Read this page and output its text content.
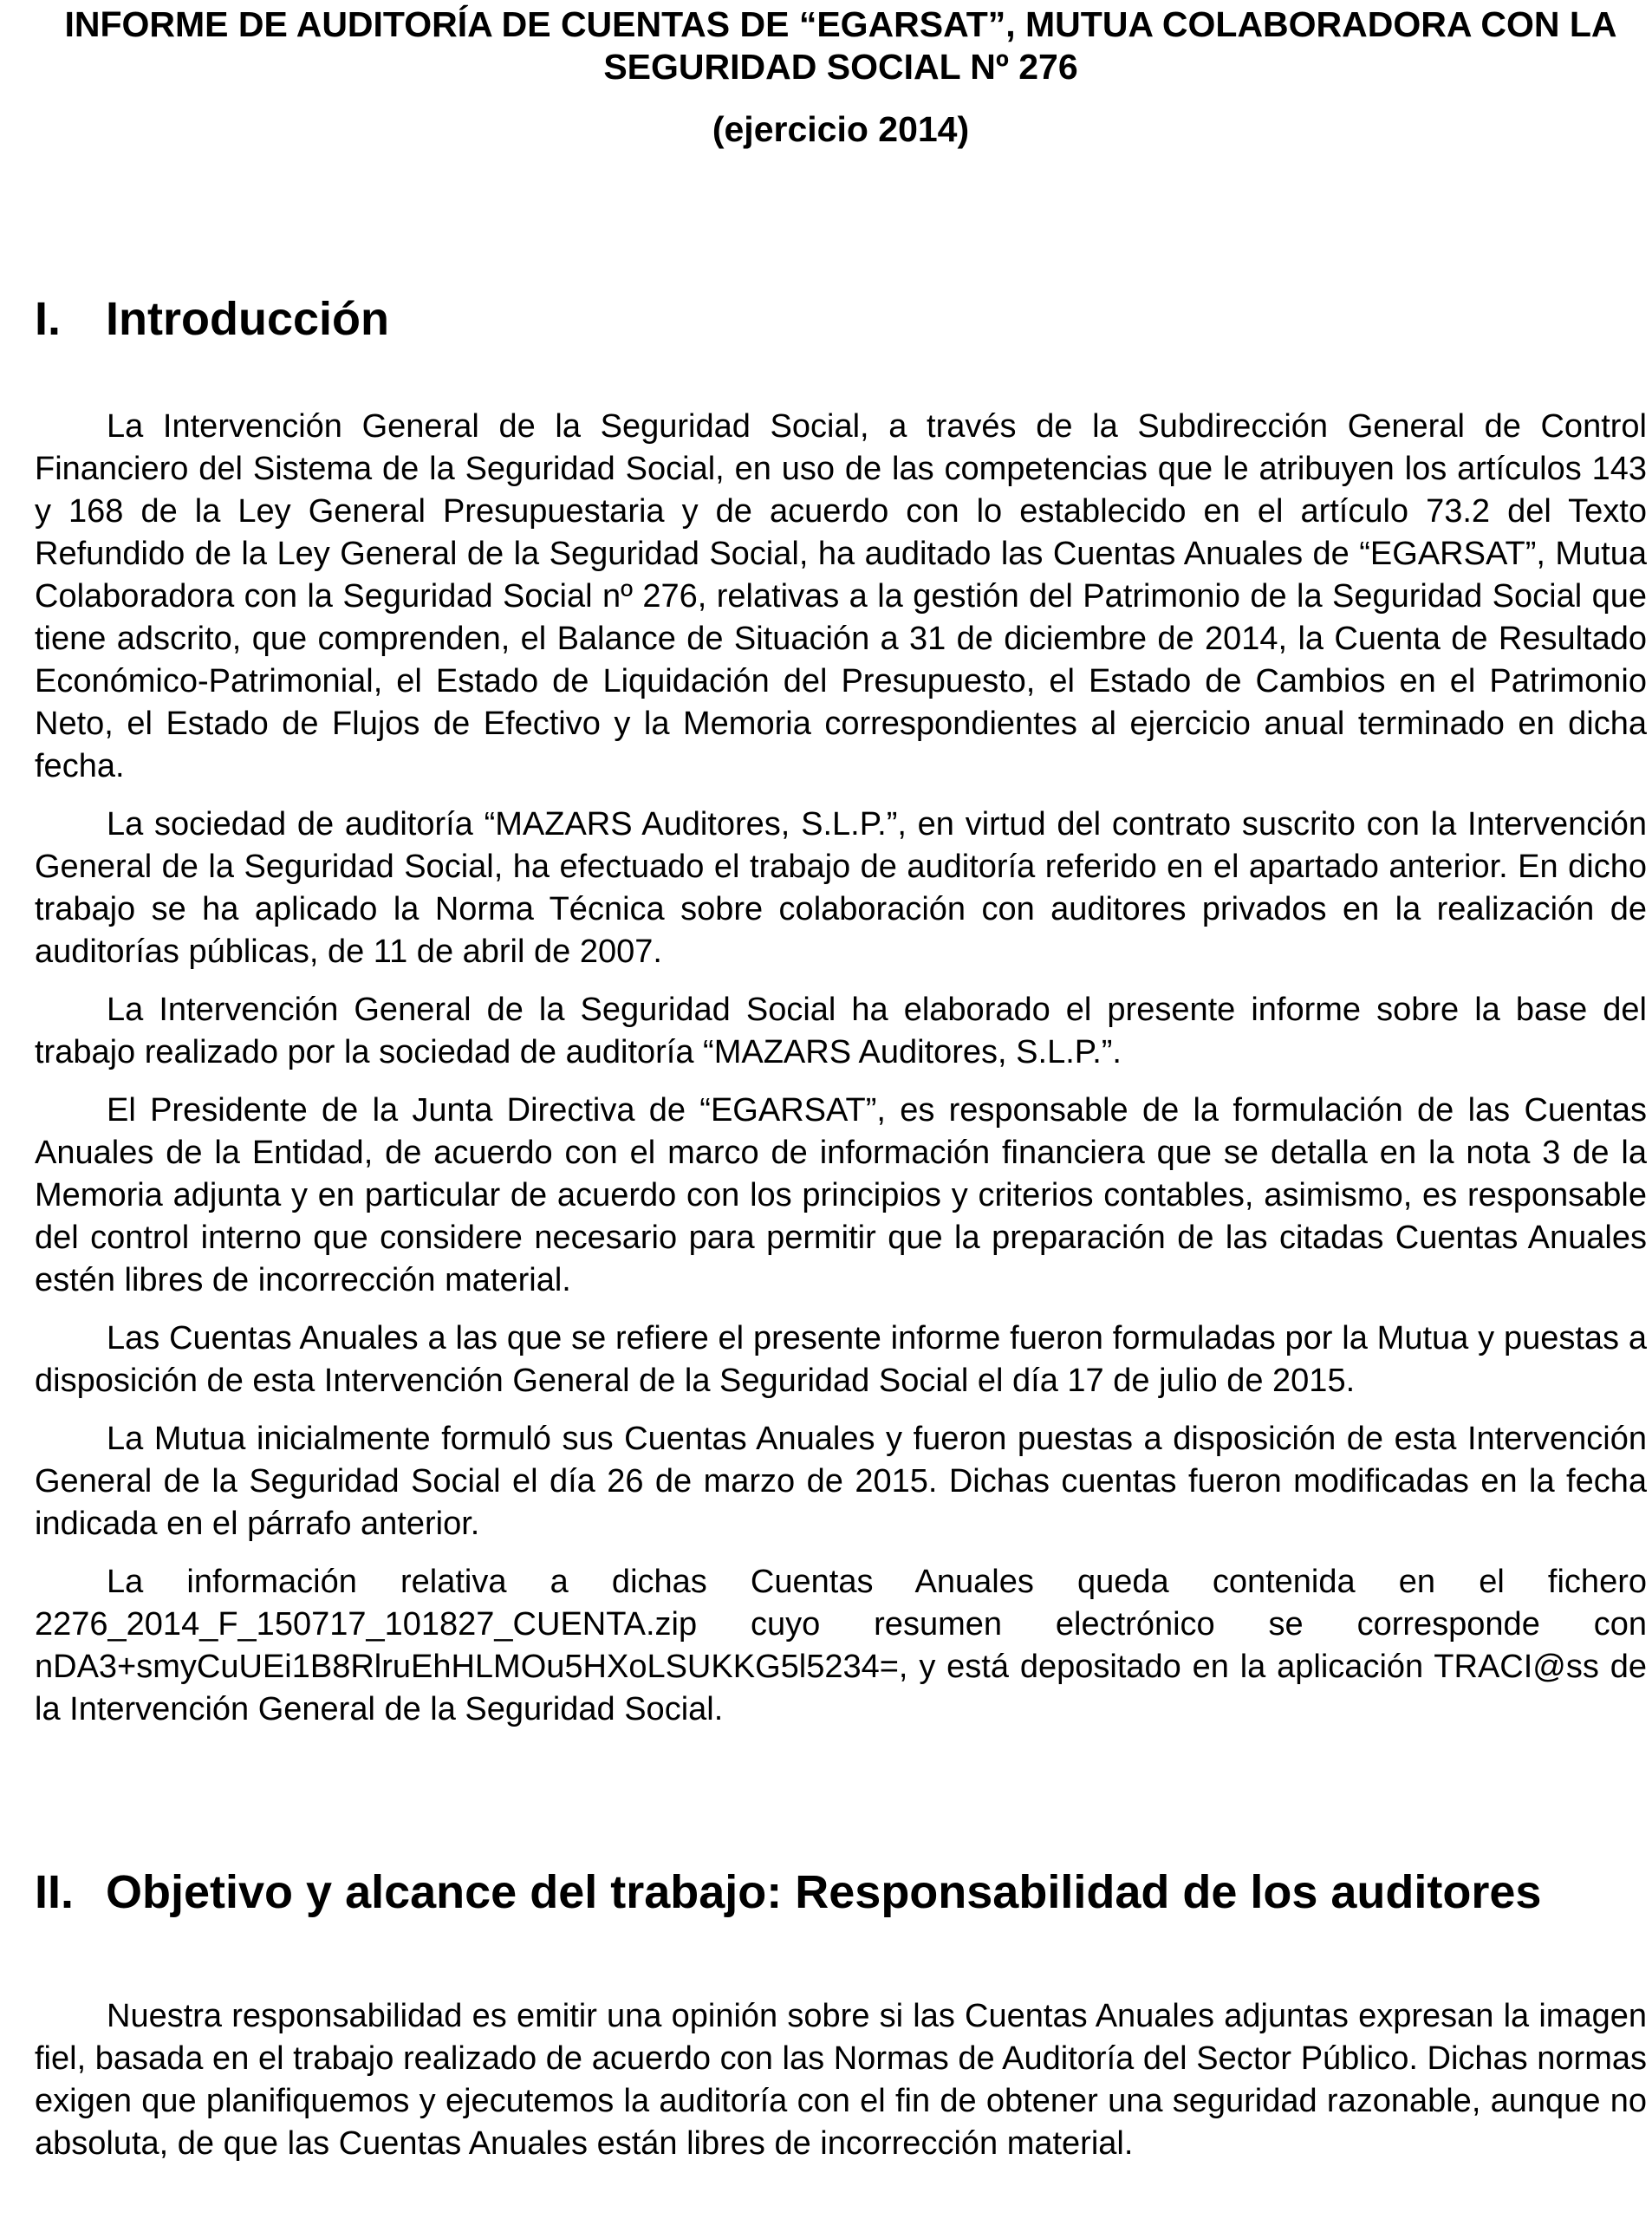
INFORME DE AUDITORÍA DE CUENTAS DE “EGARSAT”, MUTUA COLABORADORA CON LA SEGURIDAD SOCIAL Nº 276
(ejercicio 2014)
I. Introducción

La Intervención General de la Seguridad Social, a través de la Subdirección General de Control Financiero del Sistema de la Seguridad Social, en uso de las competencias que le atribuyen los artículos 143 y 168 de la Ley General Presupuestaria y de acuerdo con lo establecido en el artículo 73.2 del Texto Refundido de la Ley General de la Seguridad Social, ha auditado las Cuentas Anuales de “EGARSAT”, Mutua Colaboradora con la Seguridad Social nº 276, relativas a la gestión del Patrimonio de la Seguridad Social que tiene adscrito, que comprenden, el Balance de Situación a 31 de diciembre de 2014, la Cuenta de Resultado Económico-Patrimonial, el Estado de Liquidación del Presupuesto, el Estado de Cambios en el Patrimonio Neto, el Estado de Flujos de Efectivo y la Memoria correspondientes al ejercicio anual terminado en dicha fecha.

La sociedad de auditoría “MAZARS Auditores, S.L.P.”, en virtud del contrato suscrito con la Intervención General de la Seguridad Social, ha efectuado el trabajo de auditoría referido en el apartado anterior. En dicho trabajo se ha aplicado la Norma Técnica sobre colaboración con auditores privados en la realización de auditorías públicas, de 11 de abril de 2007.

La Intervención General de la Seguridad Social ha elaborado el presente informe sobre la base del trabajo realizado por la sociedad de auditoría “MAZARS Auditores, S.L.P.”.

El Presidente de la Junta Directiva de “EGARSAT”, es responsable de la formulación de las Cuentas Anuales de la Entidad, de acuerdo con el marco de información financiera que se detalla en la nota 3 de la Memoria adjunta y en particular de acuerdo con los principios y criterios contables, asimismo, es responsable del control interno que considere necesario para permitir que la preparación de las citadas Cuentas Anuales estén libres de incorrección material.

Las Cuentas Anuales a las que se refiere el presente informe fueron formuladas por la Mutua y puestas a disposición de esta Intervención General de la Seguridad Social el día 17 de julio de 2015.

La Mutua inicialmente formuló sus Cuentas Anuales y fueron puestas a disposición de esta Intervención General de la Seguridad Social el día 26 de marzo de 2015. Dichas cuentas fueron modificadas en la fecha indicada en el párrafo anterior.

La información relativa a dichas Cuentas Anuales queda contenida en el fichero 2276_2014_F_150717_101827_CUENTA.zip cuyo resumen electrónico se corresponde con nDA3+smyCuUEi1B8RlruEhHLMOu5HXoLSUKKG5l5234=, y está depositado en la aplicación TRACI@ss de la Intervención General de la Seguridad Social.

II. Objetivo y alcance del trabajo: Responsabilidad de los auditores

Nuestra responsabilidad es emitir una opinión sobre si las Cuentas Anuales adjuntas expresan la imagen fiel, basada en el trabajo realizado de acuerdo con las Normas de Auditoría del Sector Público. Dichas normas exigen que planifiquemos y ejecutemos la auditoría con el fin de obtener una seguridad razonable, aunque no absoluta, de que las Cuentas Anuales están libres de incorrección material.
